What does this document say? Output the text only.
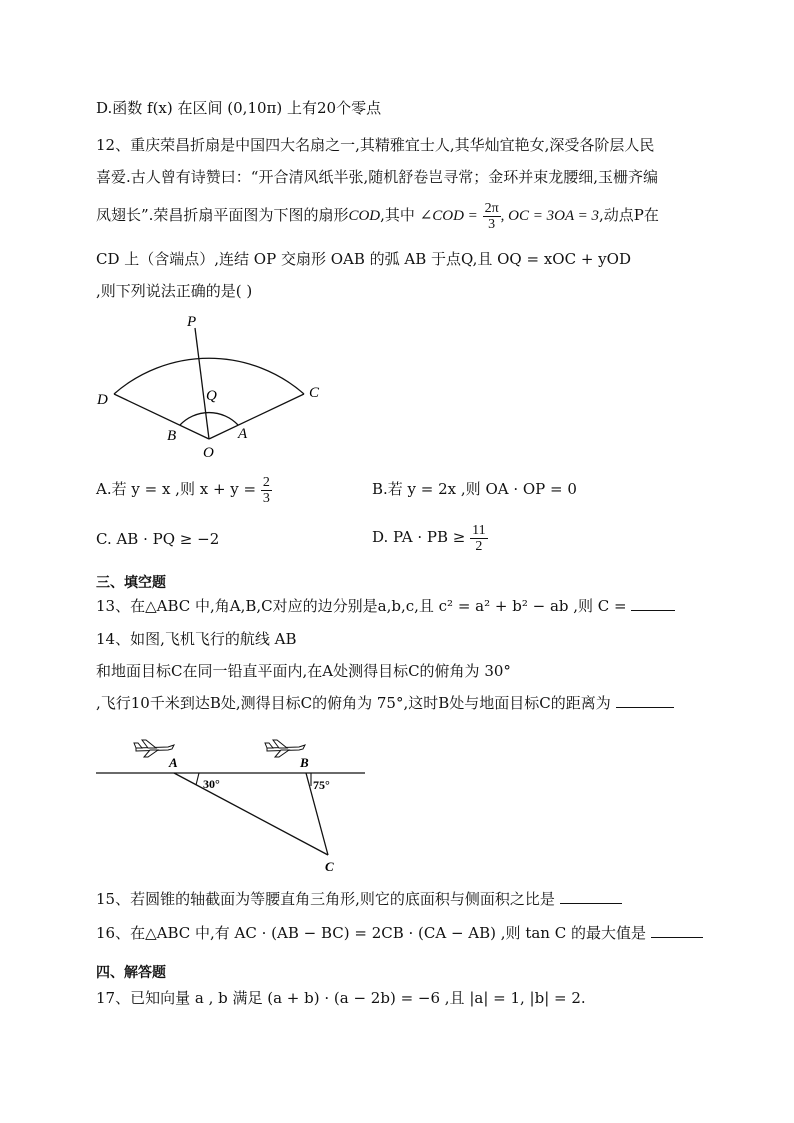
D.函数 f(x) 在区间 (0,10π) 上有20个零点
12、重庆荣昌折扇是中国四大名扇之一,其精雅宜士人,其华灿宜艳女,深受各阶层人民
喜爱.古人曾有诗赞曰：“开合清风纸半张,随机舒卷岂寻常；金环并束龙腰细,玉栅齐编
凤翅长”.荣昌折扇平面图为下图的扇形COD,其中 ∠COD = $\frac{2\pi}{3}$ , OC = 3OA = 3,动点P在
CD 上（含端点）,连结 OP 交扇形 OAB 的弧 AB 于点Q,且 OQ = xOC + yOD
,则下列说法正确的是( )
P
Q
D	C
B	A
O
A.若 y = x ,则 $x + y = \frac{2}{3}$	B.若 y = 2x ,则 OA · OP = 0
C. AB · PQ ≥ −2	D. PA · PB ≥ $\frac{11}{2}$
三、填空题
13、在△ABC 中,角A,B,C对应的边分别是a,b,c,且 c² = a² + b² − ab ,则 C =
14、如图,飞机飞行的航线 AB
和地面目标C在同一铅直平面内,在A处测得目标C的俯角为 30°
,飞行10千米到达B处,测得目标C的俯角为 75°,这时B处与地面目标C的距离为
A	B
C
30°	75°
15、若圆锥的轴截面为等腰直角三角形,则它的底面积与侧面积之比是
16、在△ABC 中,有 AC · (AB − BC) = 2CB · (CA − AB) ,则 tan C 的最大值是
四、解答题
17、已知向量 a , b 满足 (a + b) · (a − 2b) = −6 ,且 |a| = 1, |b| = 2.
